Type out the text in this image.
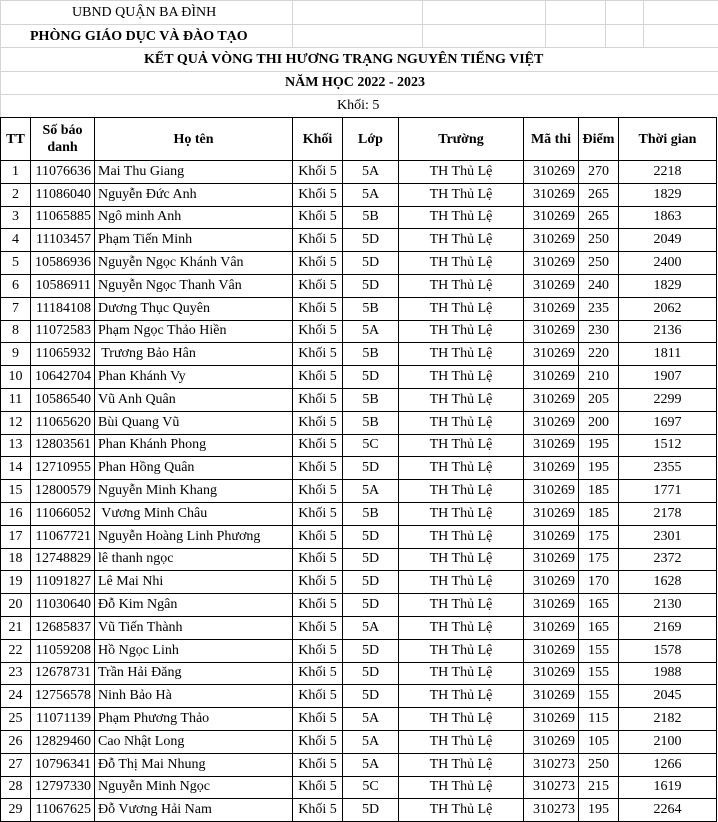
UBND QUẬN BA ĐÌNH
PHÒNG GIÁO DỤC VÀ ĐÀO TẠO
KẾT QUẢ VÒNG THI HƯƠNG TRẠNG NGUYÊN TIẾNG VIỆT
NĂM HỌC 2022 - 2023
Khối: 5
TT	Số báo danh	Họ tên	Khối	Lớp	Trường	Mã thi	Điểm	Thời gian
1	11076636	Mai Thu Giang	Khối 5	5A	TH Thủ Lệ	310269	270	2218
2	11086040	Nguyễn Đức Anh	Khối 5	5A	TH Thủ Lệ	310269	265	1829
3	11065885	Ngô minh Anh	Khối 5	5B	TH Thủ Lệ	310269	265	1863
4	11103457	Phạm Tiến Minh	Khối 5	5D	TH Thủ Lệ	310269	250	2049
5	10586936	Nguyễn Ngọc Khánh Vân	Khối 5	5D	TH Thủ Lệ	310269	250	2400
6	10586911	Nguyễn Ngọc Thanh Vân	Khối 5	5D	TH Thủ Lệ	310269	240	1829
7	11184108	Dương Thục Quyên	Khối 5	5B	TH Thủ Lệ	310269	235	2062
8	11072583	Phạm Ngọc Thảo Hiền	Khối 5	5A	TH Thủ Lệ	310269	230	2136
9	11065932	Trương Bảo Hân	Khối 5	5B	TH Thủ Lệ	310269	220	1811
10	10642704	Phan Khánh Vy	Khối 5	5D	TH Thủ Lệ	310269	210	1907
11	10586540	Vũ Anh Quân	Khối 5	5B	TH Thủ Lệ	310269	205	2299
12	11065620	Bùi Quang Vũ	Khối 5	5B	TH Thủ Lệ	310269	200	1697
13	12803561	Phan Khánh Phong	Khối 5	5C	TH Thủ Lệ	310269	195	1512
14	12710955	Phan Hồng Quân	Khối 5	5D	TH Thủ Lệ	310269	195	2355
15	12800579	Nguyễn Minh Khang	Khối 5	5A	TH Thủ Lệ	310269	185	1771
16	11066052	Vương Minh Châu	Khối 5	5B	TH Thủ Lệ	310269	185	2178
17	11067721	Nguyễn Hoàng Linh Phương	Khối 5	5D	TH Thủ Lệ	310269	175	2301
18	12748829	lê thanh ngọc	Khối 5	5D	TH Thủ Lệ	310269	175	2372
19	11091827	Lê Mai Nhi	Khối 5	5D	TH Thủ Lệ	310269	170	1628
20	11030640	Đỗ Kim Ngân	Khối 5	5D	TH Thủ Lệ	310269	165	2130
21	12685837	Vũ Tiến Thành	Khối 5	5A	TH Thủ Lệ	310269	165	2169
22	11059208	Hồ Ngọc Linh	Khối 5	5D	TH Thủ Lệ	310269	155	1578
23	12678731	Trần Hải Đăng	Khối 5	5D	TH Thủ Lệ	310269	155	1988
24	12756578	Ninh Bảo Hà	Khối 5	5D	TH Thủ Lệ	310269	155	2045
25	11071139	Phạm Phương Thảo	Khối 5	5A	TH Thủ Lệ	310269	115	2182
26	12829460	Cao Nhật Long	Khối 5	5A	TH Thủ Lệ	310269	105	2100
27	10796341	Đỗ Thị Mai Nhung	Khối 5	5A	TH Thủ Lệ	310273	250	1266
28	12797330	Nguyễn Minh Ngọc	Khối 5	5C	TH Thủ Lệ	310273	215	1619
29	11067625	Đỗ Vương Hải Nam	Khối 5	5D	TH Thủ Lệ	310273	195	2264
